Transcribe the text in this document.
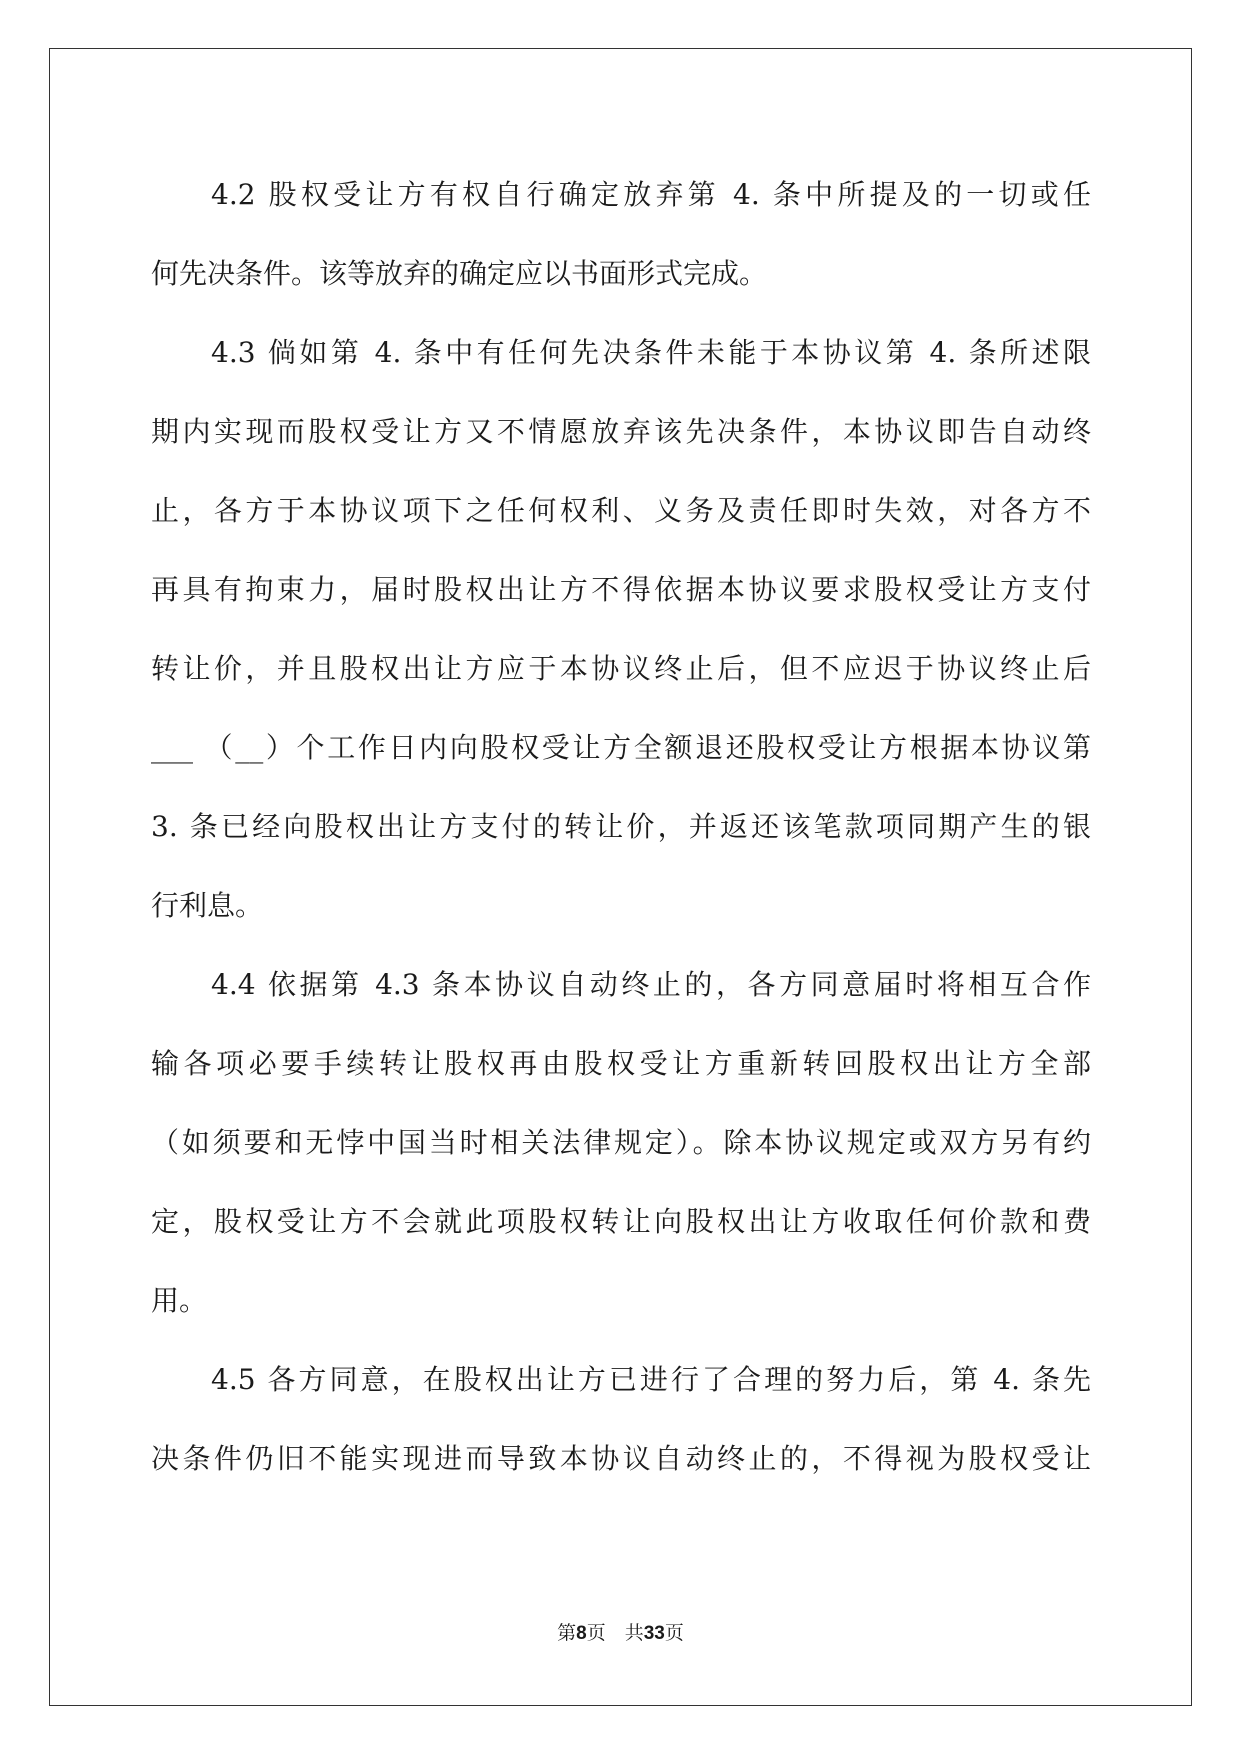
4.2 股权受让方有权自行确定放弃第 4. 条中所提及的一切或任
何先决条件。该等放弃的确定应以书面形式完成。
4.3 倘如第 4. 条中有任何先决条件未能于本协议第 4. 条所述限
期内实现而股权受让方又不情愿放弃该先决条件，本协议即告自动终
止，各方于本协议项下之任何权利、义务及责任即时失效，对各方不
再具有拘束力，届时股权出让方不得依据本协议要求股权受让方支付
转让价，并且股权出让方应于本协议终止后，但不应迟于协议终止后
___ （__）个工作日内向股权受让方全额退还股权受让方根据本协议第
3. 条已经向股权出让方支付的转让价，并返还该笔款项同期产生的银
行利息。
4.4 依据第 4.3 条本协议自动终止的，各方同意届时将相互合作
输各项必要手续转让股权再由股权受让方重新转回股权出让方全部
（如须要和无悖中国当时相关法律规定）。除本协议规定或双方另有约
定，股权受让方不会就此项股权转让向股权出让方收取任何价款和费
用。
4.5 各方同意，在股权出让方已进行了合理的努力后，第 4. 条先
决条件仍旧不能实现进而导致本协议自动终止的，不得视为股权受让
第8页　共33页
